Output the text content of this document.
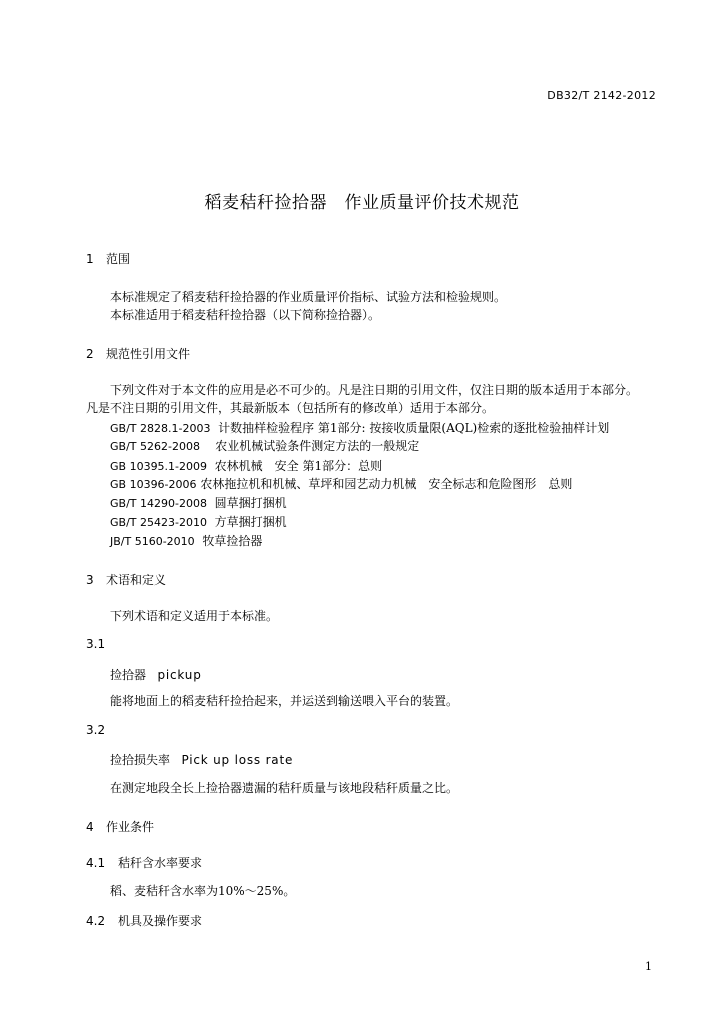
DB32/T 2142-2012
稻麦秸秆捡拾器　作业质量评价技术规范
1 范围
本标准规定了稻麦秸秆捡拾器的作业质量评价指标、试验方法和检验规则。
本标准适用于稻麦秸秆捡拾器（以下简称捡拾器）。
2 规范性引用文件
下列文件对于本文件的应用是必不可少的。凡是注日期的引用文件，仅注日期的版本适用于本部分。
凡是不注日期的引用文件，其最新版本（包括所有的修改单）适用于本部分。
GB/T 2828.1-2003 计数抽样检验程序 第1部分: 按接收质量限(AQL)检索的逐批检验抽样计划
GB/T 5262-2008 农业机械试验条件测定方法的一般规定
GB 10395.1-2009 农林机械　安全 第1部分：总则
GB 10396-2006 农林拖拉机和机械、草坪和园艺动力机械　安全标志和危险图形　总则
GB/T 14290-2008 圆草捆打捆机
GB/T 25423-2010 方草捆打捆机
JB/T 5160-2010 牧草捡拾器
3 术语和定义
下列术语和定义适用于本标准。
3.1
捡拾器 pickup
能将地面上的稻麦秸秆捡拾起来，并运送到输送喂入平台的装置。
3.2
捡拾损失率 Pick up loss rate
在测定地段全长上捡拾器遗漏的秸秆质量与该地段秸秆质量之比。
4 作业条件
4.1 秸秆含水率要求
稻、麦秸秆含水率为10%～25%。
4.2 机具及操作要求
1
